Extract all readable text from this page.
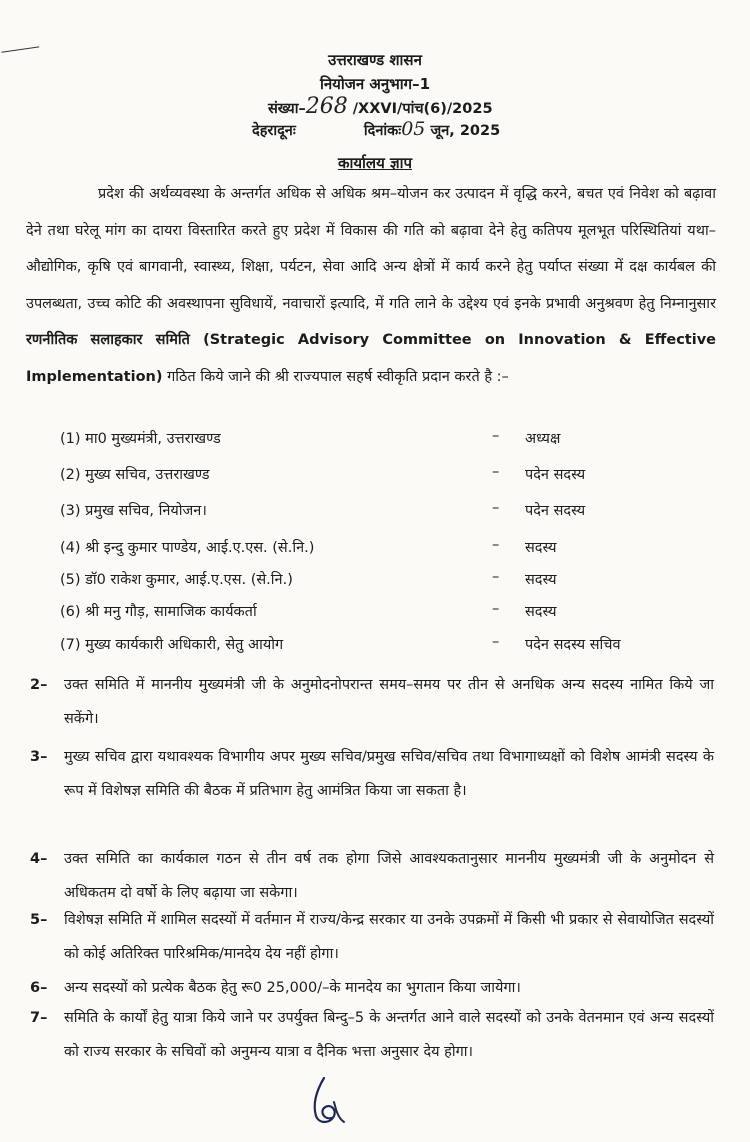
उत्तराखण्ड शासन
नियोजन अनुभाग–1
संख्या–268 /XXVI/पांच(6)/2025
देहरादूनः	दिनांकः05 जून, 2025
कार्यालय ज्ञाप
प्रदेश की अर्थव्यवस्था के अन्तर्गत अधिक से अधिक श्रम–योजन कर उत्पादन में वृद्धि करने, बचत एवं निवेश को बढ़ावा देने तथा घरेलू मांग का दायरा विस्तारित करते हुए प्रदेश में विकास की गति को बढ़ावा देने हेतु कतिपय मूलभूत परिस्थितियां यथा–औद्योगिक, कृषि एवं बागवानी, स्वास्थ्य, शिक्षा, पर्यटन, सेवा आदि अन्य क्षेत्रों में कार्य करने हेतु पर्याप्त संख्या में दक्ष कार्यबल की उपलब्धता, उच्च कोटि की अवस्थापना सुविधायें, नवाचारों इत्यादि, में गति लाने के उद्देश्य एवं इनके प्रभावी अनुश्रवण हेतु निम्नानुसार रणनीतिक सलाहकार समिति (Strategic Advisory Committee on Innovation & Effective Implementation) गठित किये जाने की श्री राज्यपाल सहर्ष स्वीकृति प्रदान करते है :–
(1) मा0 मुख्यमंत्री, उत्तराखण्ड	– अध्यक्ष
(2) मुख्य सचिव, उत्तराखण्ड	– पदेन सदस्य
(3) प्रमुख सचिव, नियोजन।	– पदेन सदस्य
(4) श्री इन्दु कुमार पाण्डेय, आई.ए.एस. (से.नि.)	– सदस्य
(5) डॉ0 राकेश कुमार, आई.ए.एस. (से.नि.)	– सदस्य
(6) श्री मनु गौड़, सामाजिक कार्यकर्ता	– सदस्य
(7) मुख्य कार्यकारी अधिकारी, सेतु आयोग	– पदेन सदस्य सचिव
2– उक्त समिति में माननीय मुख्यमंत्री जी के अनुमोदनोपरान्त समय–समय पर तीन से अनधिक अन्य सदस्य नामित किये जा सकेंगे।
3– मुख्य सचिव द्वारा यथावश्यक विभागीय अपर मुख्य सचिव/प्रमुख सचिव/सचिव तथा विभागाध्यक्षों को विशेष आमंत्री सदस्य के रूप में विशेषज्ञ समिति की बैठक में प्रतिभाग हेतु आमंत्रित किया जा सकता है।
4– उक्त समिति का कार्यकाल गठन से तीन वर्ष तक होगा जिसे आवश्यकतानुसार माननीय मुख्यमंत्री जी के अनुमोदन से अधिकतम दो वर्षो के लिए बढ़ाया जा सकेगा।
5– विशेषज्ञ समिति में शामिल सदस्यों में वर्तमान में राज्य/केन्द्र सरकार या उनके उपक्रमों में किसी भी प्रकार से सेवायोजित सदस्यों को कोई अतिरिक्त पारिश्रमिक/मानदेय देय नहीं होगा।
6– अन्य सदस्यों को प्रत्येक बैठक हेतु रू0 25,000/–के मानदेय का भुगतान किया जायेगा।
7– समिति के कार्यों हेतु यात्रा किये जाने पर उपर्युक्त बिन्दु–5 के अन्तर्गत आने वाले सदस्यों को उनके वेतनमान एवं अन्य सदस्यों को राज्य सरकार के सचिवों को अनुमन्य यात्रा व दैनिक भत्ता अनुसार देय होगा।
